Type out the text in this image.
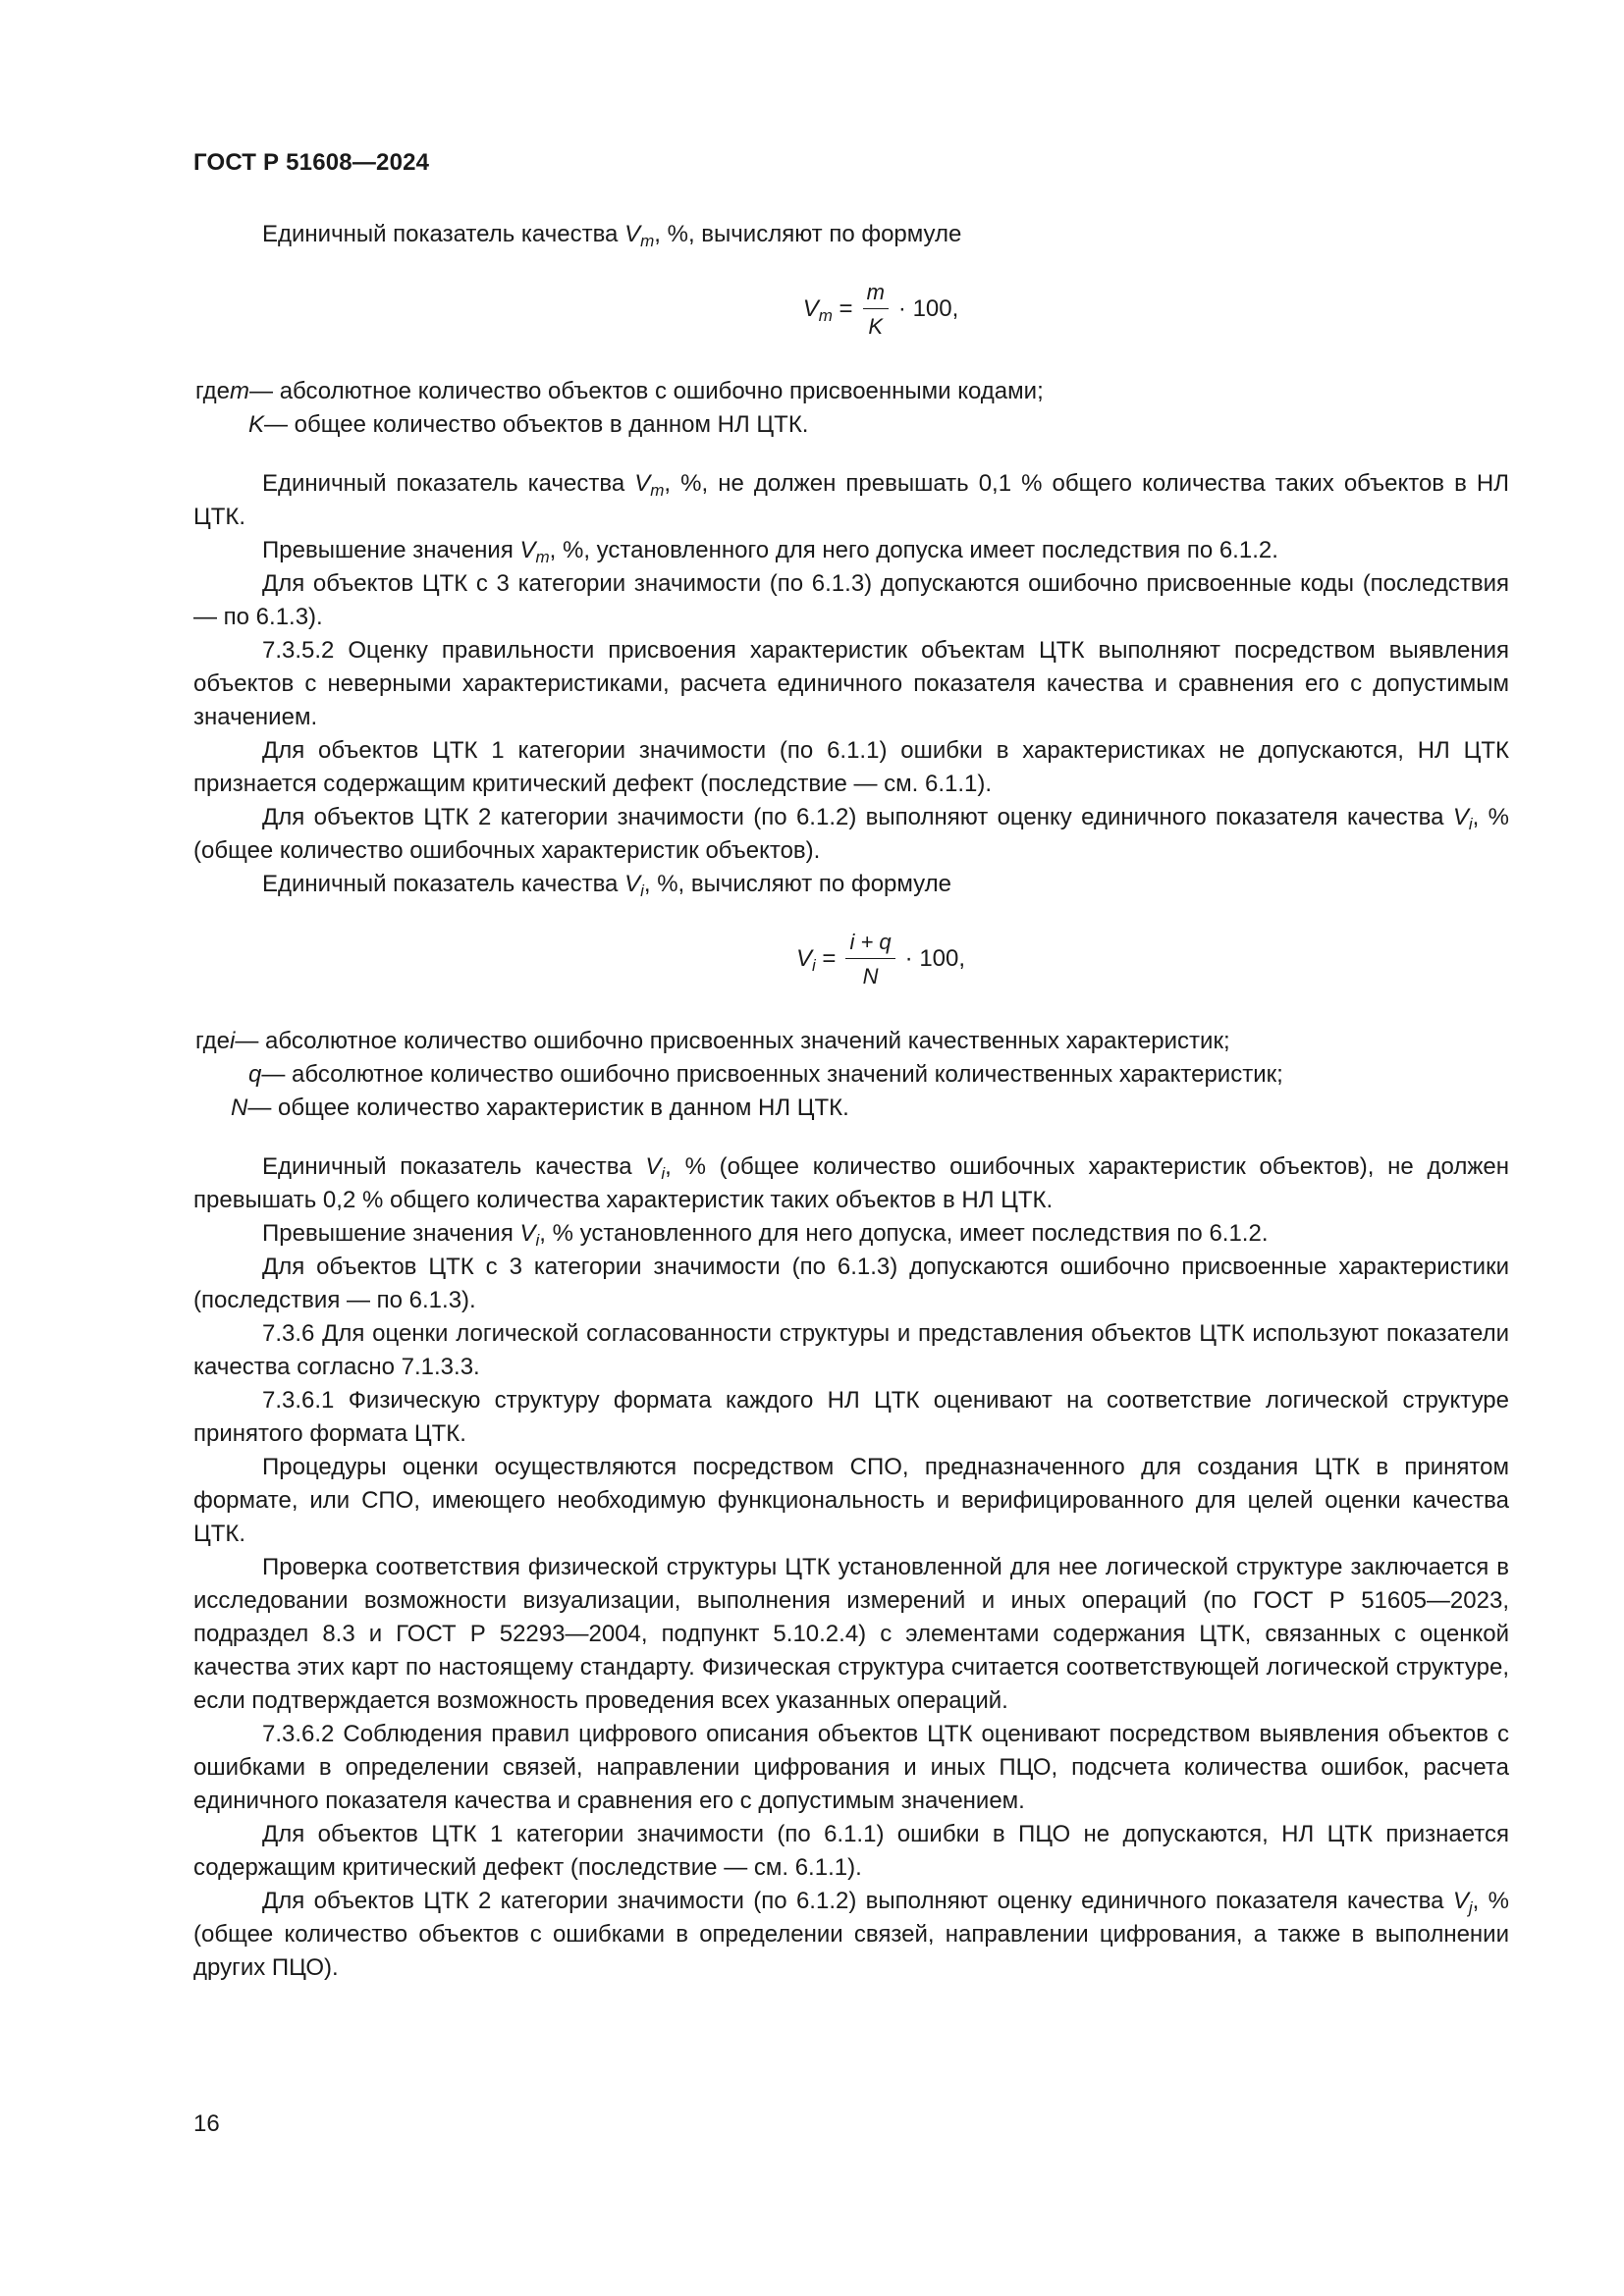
ГОСТ Р 51608—2024

Единичный показатель качества $V_m$, %, вычисляют по формуле

$V_m = \frac{m}{K} \cdot 100$,
где m — абсолютное количество объектов с ошибочно присвоенными кодами;
K — общее количество объектов в данном НЛ ЦТК.

Единичный показатель качества $V_m$, %, не должен превышать 0,1 % общего количества таких объектов в НЛ ЦТК.

Превышение значения $V_m$, %, установленного для него допуска имеет последствия по 6.1.2.

Для объектов ЦТК с 3 категории значимости (по 6.1.3) допускаются ошибочно присвоенные коды (последствия — по 6.1.3).

7.3.5.2 Оценку правильности присвоения характеристик объектам ЦТК выполняют посредством выявления объектов с неверными характеристиками, расчета единичного показателя качества и сравнения его с допустимым значением.

Для объектов ЦТК 1 категории значимости (по 6.1.1) ошибки в характеристиках не допускаются, НЛ ЦТК признается содержащим критический дефект (последствие — см. 6.1.1).

Для объектов ЦТК 2 категории значимости (по 6.1.2) выполняют оценку единичного показателя качества $V_i$, % (общее количество ошибочных характеристик объектов).

Единичный показатель качества $V_i$, %, вычисляют по формуле

$V_i = \frac{i + q}{N} \cdot 100$,
где i — абсолютное количество ошибочно присвоенных значений качественных характеристик;
q — абсолютное количество ошибочно присвоенных значений количественных характеристик;
N — общее количество характеристик в данном НЛ ЦТК.

Единичный показатель качества $V_i$, % (общее количество ошибочных характеристик объектов), не должен превышать 0,2 % общего количества характеристик таких объектов в НЛ ЦТК.

Превышение значения $V_i$, % установленного для него допуска, имеет последствия по 6.1.2.

Для объектов ЦТК с 3 категории значимости (по 6.1.3) допускаются ошибочно присвоенные характеристики (последствия — по 6.1.3).

7.3.6 Для оценки логической согласованности структуры и представления объектов ЦТК используют показатели качества согласно 7.1.3.3.

7.3.6.1 Физическую структуру формата каждого НЛ ЦТК оценивают на соответствие логической структуре принятого формата ЦТК.

Процедуры оценки осуществляются посредством СПО, предназначенного для создания ЦТК в принятом формате, или СПО, имеющего необходимую функциональность и верифицированного для целей оценки качества ЦТК.

Проверка соответствия физической структуры ЦТК установленной для нее логической структуре заключается в исследовании возможности визуализации, выполнения измерений и иных операций (по ГОСТ Р 51605—2023, подраздел 8.3 и ГОСТ Р 52293—2004, подпункт 5.10.2.4) с элементами содержания ЦТК, связанных с оценкой качества этих карт по настоящему стандарту. Физическая структура считается соответствующей логической структуре, если подтверждается возможность проведения всех указанных операций.

7.3.6.2 Соблюдения правил цифрового описания объектов ЦТК оценивают посредством выявления объектов с ошибками в определении связей, направлении цифрования и иных ПЦО, подсчета количества ошибок, расчета единичного показателя качества и сравнения его с допустимым значением.

Для объектов ЦТК 1 категории значимости (по 6.1.1) ошибки в ПЦО не допускаются, НЛ ЦТК признается содержащим критический дефект (последствие — см. 6.1.1).

Для объектов ЦТК 2 категории значимости (по 6.1.2) выполняют оценку единичного показателя качества $V_j$, % (общее количество объектов с ошибками в определении связей, направлении цифрования, а также в выполнении других ПЦО).

16
